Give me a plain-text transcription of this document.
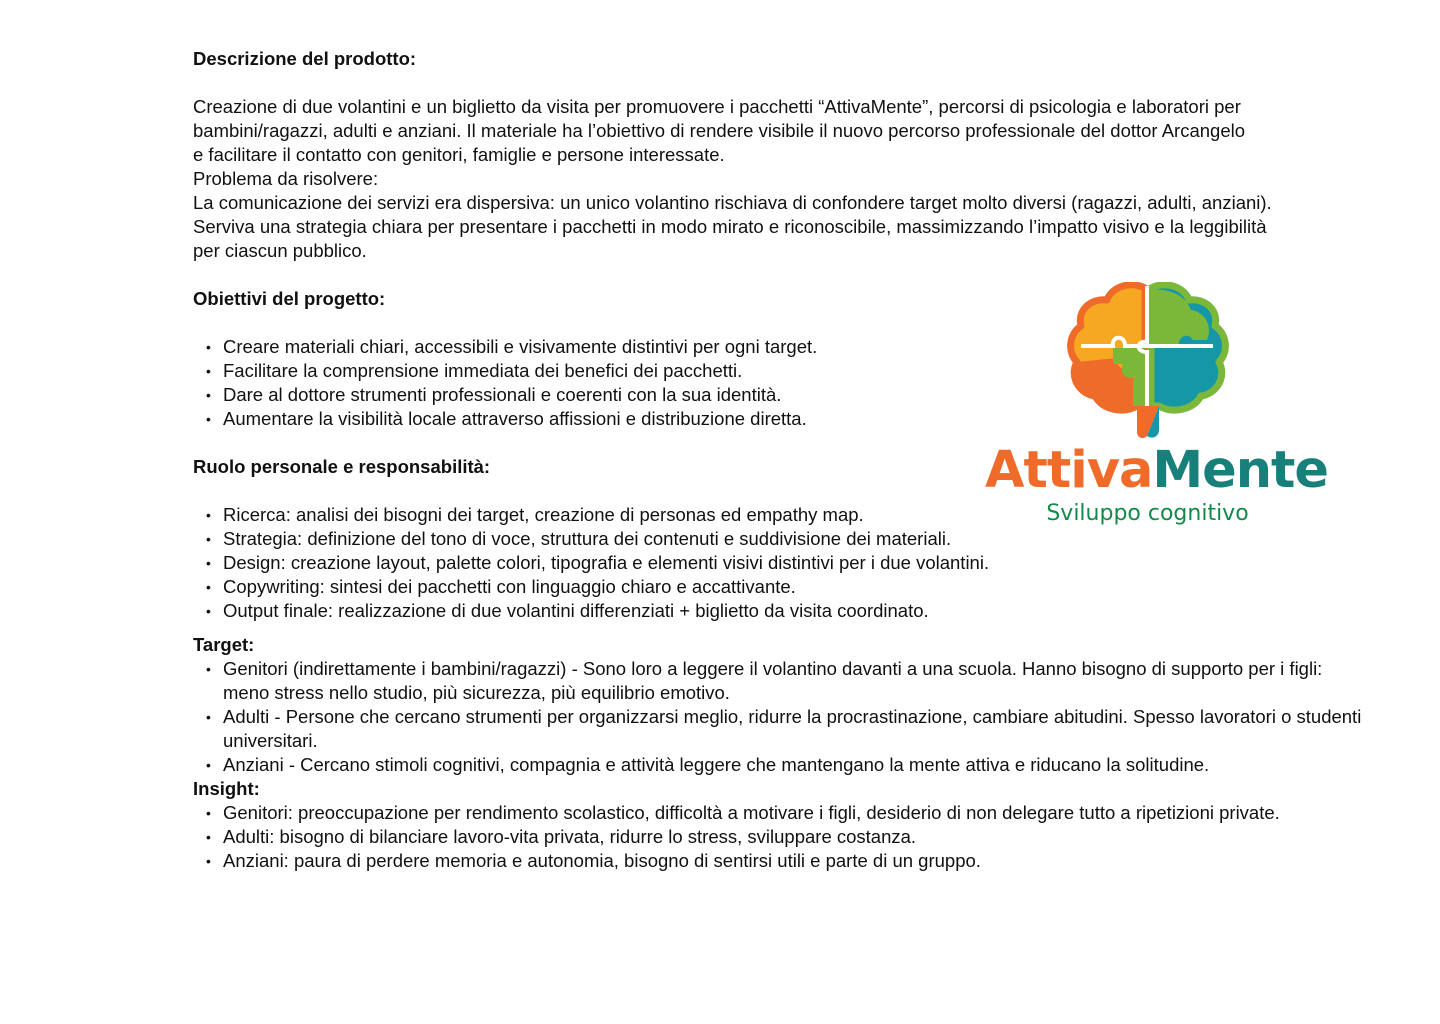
Descrizione del prodotto:

Creazione di due volantini e un biglietto da visita per promuovere i pacchetti “AttivaMente”, percorsi di psicologia e laboratori per bambini/ragazzi, adulti e anziani. Il materiale ha l’obiettivo di rendere visibile il nuovo percorso professionale del dottor Arcangelo e facilitare il contatto con genitori, famiglie e persone interessate.

Problema da risolvere:

La comunicazione dei servizi era dispersiva: un unico volantino rischiava di confondere target molto diversi (ragazzi, adulti, anziani). Serviva una strategia chiara per presentare i pacchetti in modo mirato e riconoscibile, massimizzando l’impatto visivo e la leggibilità per ciascun pubblico.

Obiettivi del progetto:

• Creare materiali chiari, accessibili e visivamente distintivi per ogni target.
• Facilitare la comprensione immediata dei benefici dei pacchetti.
• Dare al dottore strumenti professionali e coerenti con la sua identità.
• Aumentare la visibilità locale attraverso affissioni e distribuzione diretta.

Ruolo personale e responsabilità:

• Ricerca: analisi dei bisogni dei target, creazione di personas ed empathy map.
• Strategia: definizione del tono di voce, struttura dei contenuti e suddivisione dei materiali.
• Design: creazione layout, palette colori, tipografia e elementi visivi distintivi per i due volantini.
• Copywriting: sintesi dei pacchetti con linguaggio chiaro e accattivante.
• Output finale: realizzazione di due volantini differenziati + biglietto da visita coordinato.

Target:

• Genitori (indirettamente i bambini/ragazzi) - Sono loro a leggere il volantino davanti a una scuola. Hanno bisogno di supporto per i figli: meno stress nello studio, più sicurezza, più equilibrio emotivo.
• Adulti - Persone che cercano strumenti per organizzarsi meglio, ridurre la procrastinazione, cambiare abitudini. Spesso lavoratori o studenti universitari.
• Anziani - Cercano stimoli cognitivi, compagnia e attività leggere che mantengano la mente attiva e riducano la solitudine.

Insight:

• Genitori: preoccupazione per rendimento scolastico, difficoltà a motivare i figli, desiderio di non delegare tutto a ripetizioni private.
• Adulti: bisogno di bilanciare lavoro-vita privata, ridurre lo stress, sviluppare costanza.
• Anziani: paura di perdere memoria e autonomia, bisogno di sentirsi utili e parte di un gruppo.
AttivaMente
Sviluppo cognitivo
